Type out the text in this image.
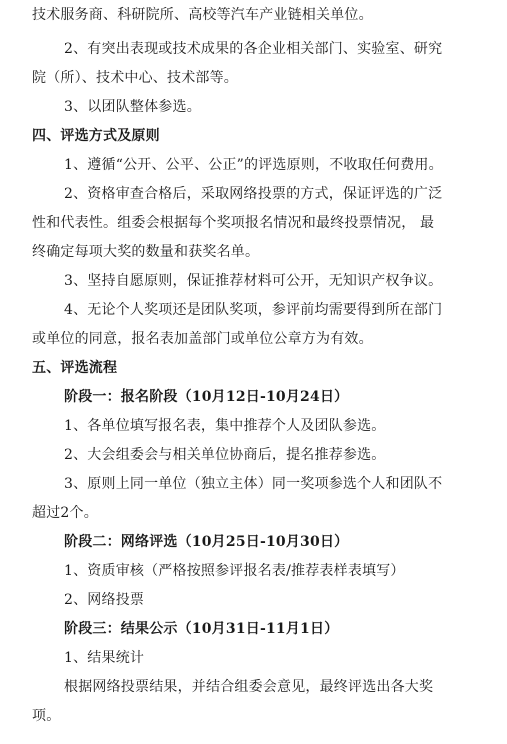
技术服务商、科研院所、高校等汽车产业链相关单位。
2、有突出表现或技术成果的各企业相关部门、实验室、研究
院（所）、技术中心、技术部等。
3、以团队整体参选。
四、评选方式及原则
1、遵循“公开、公平、公正”的评选原则，不收取任何费用。
2、资格审查合格后，采取网络投票的方式，保证评选的广泛
性和代表性。组委会根据每个奖项报名情况和最终投票情况， 最
终确定每项大奖的数量和获奖名单。
3、坚持自愿原则，保证推荐材料可公开，无知识产权争议。
4、无论个人奖项还是团队奖项，参评前均需要得到所在部门
或单位的同意，报名表加盖部门或单位公章方为有效。
五、评选流程
阶段一：报名阶段（10月12日-10月24日）
1、各单位填写报名表，集中推荐个人及团队参选。
2、大会组委会与相关单位协商后，提名推荐参选。
3、原则上同一单位（独立主体）同一奖项参选个人和团队不
超过2个。
阶段二：网络评选（10月25日-10月30日）
1、资质审核（严格按照参评报名表/推荐表样表填写）
2、网络投票
阶段三：结果公示（10月31日-11月1日）
1、结果统计
根据网络投票结果，并结合组委会意见，最终评选出各大奖
项。
